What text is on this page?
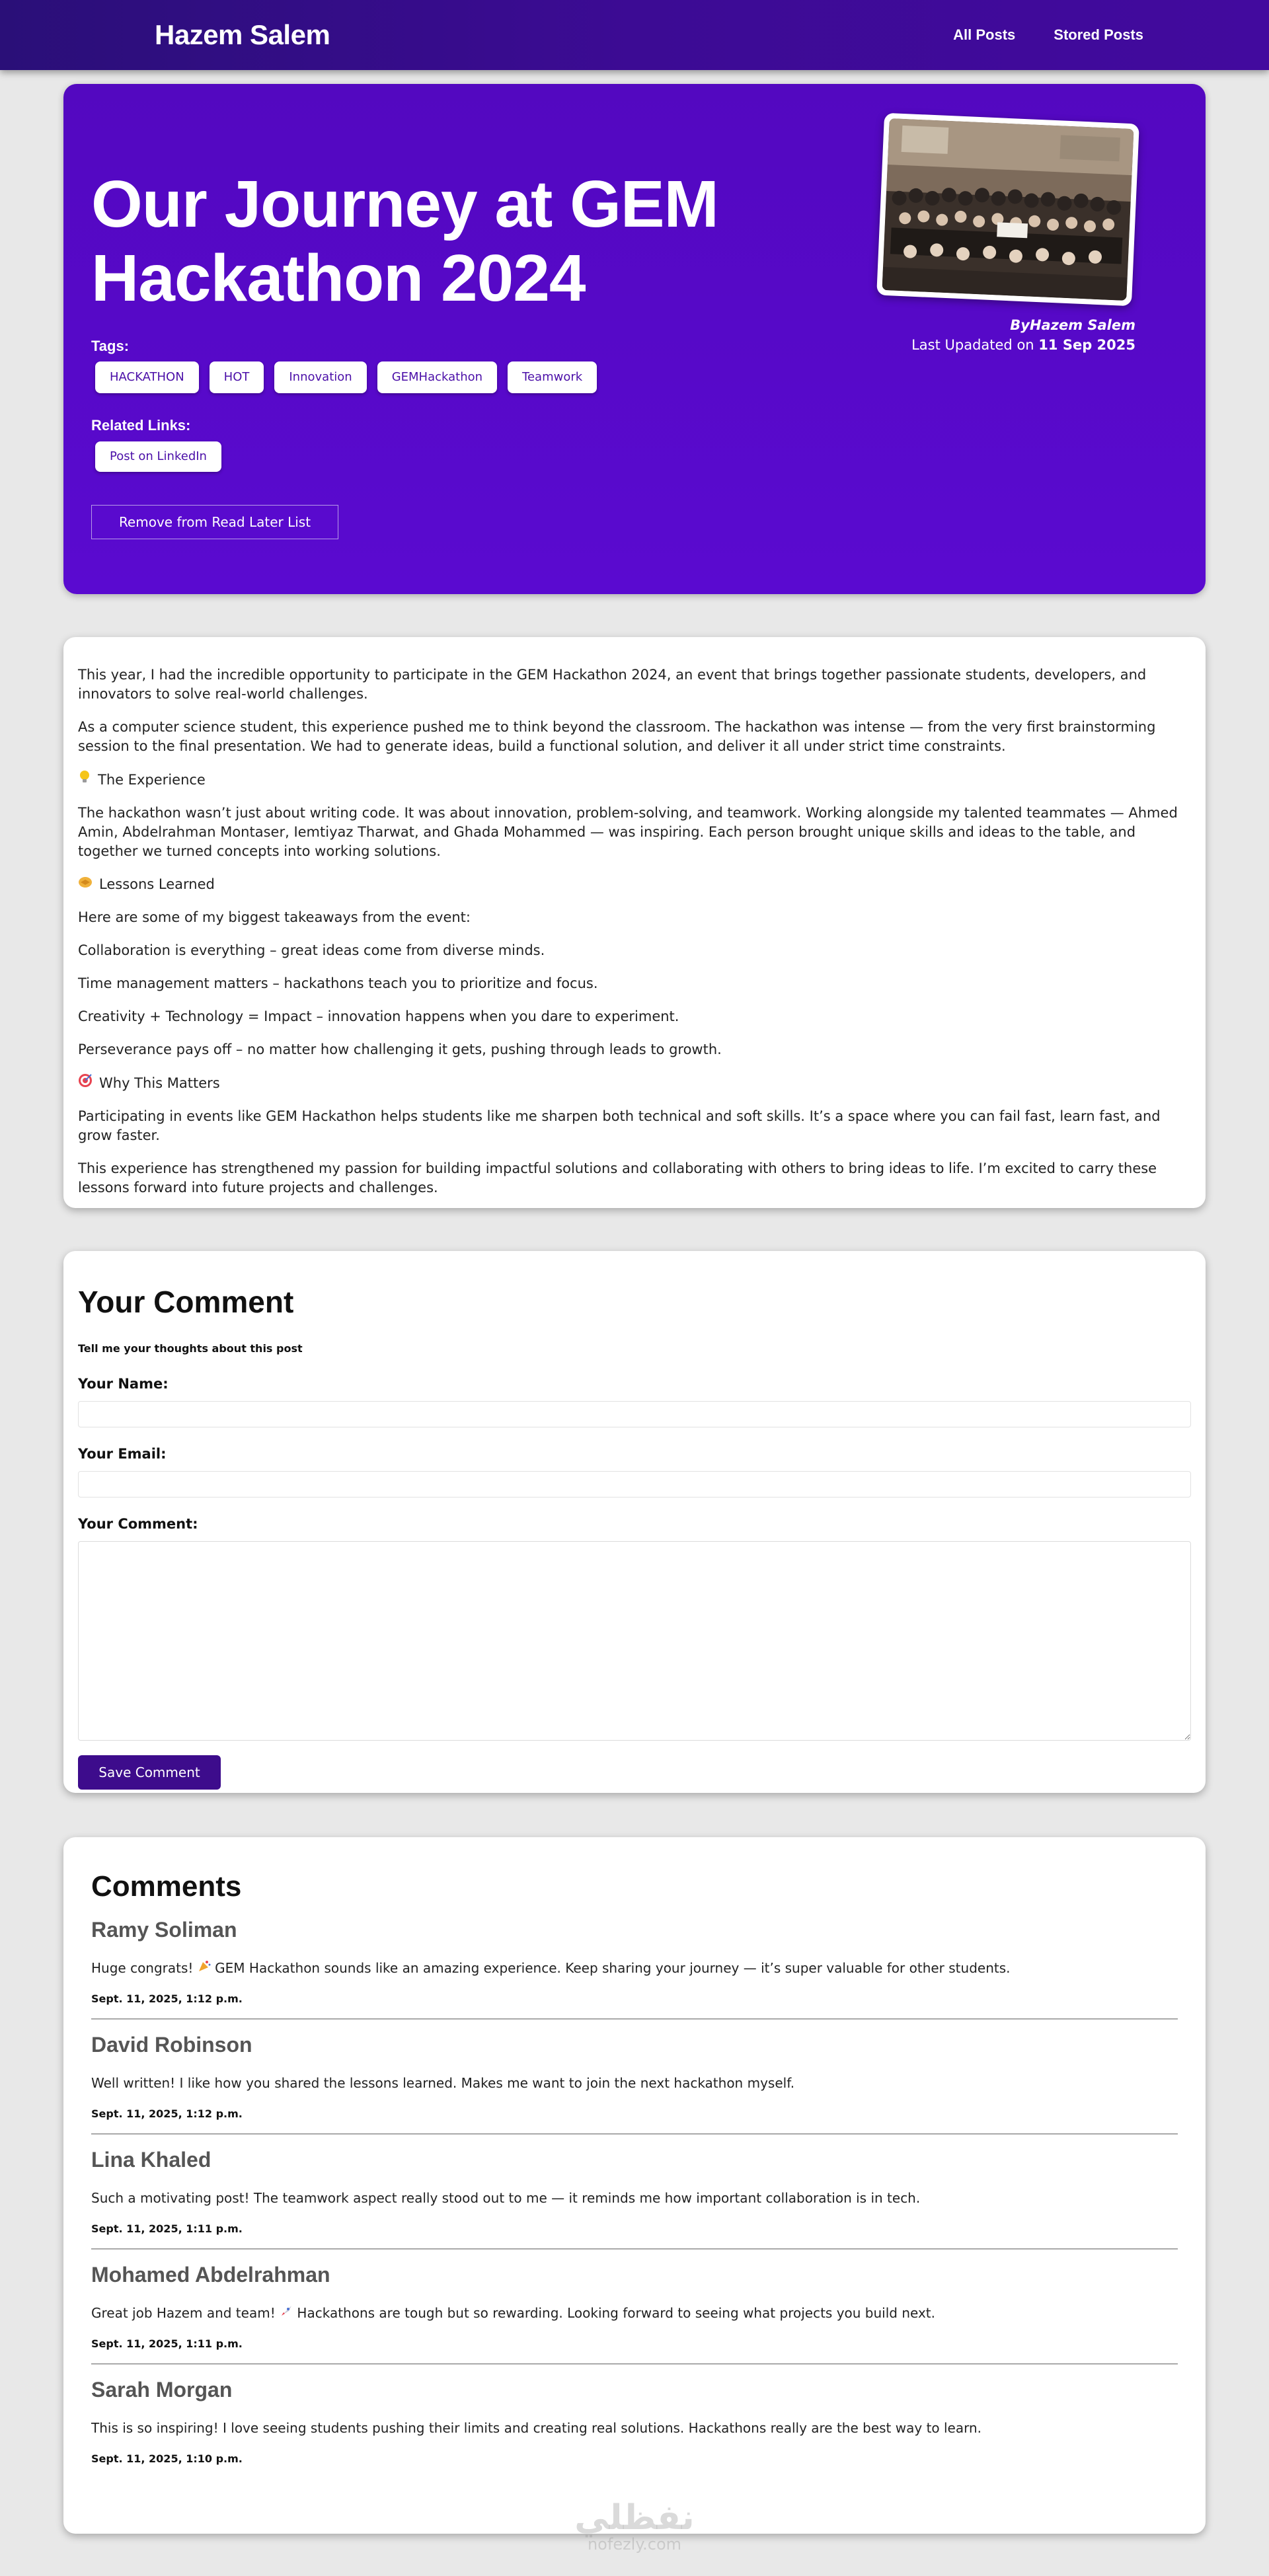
Hazem Salem	All Posts	Stored Posts
Our Journey at GEM Hackathon 2024
Tags:
HACKATHON	HOT	Innovation	GEMHackathon	Teamwork
Related Links:
Post on LinkedIn
Remove from Read Later List
ByHazem Salem
Last Upadated on 11 Sep 2025

This year, I had the incredible opportunity to participate in the GEM Hackathon 2024, an event that brings together passionate students, developers, and innovators to solve real-world challenges.

As a computer science student, this experience pushed me to think beyond the classroom. The hackathon was intense — from the very first brainstorming session to the final presentation. We had to generate ideas, build a functional solution, and deliver it all under strict time constraints.

The Experience

The hackathon wasn’t just about writing code. It was about innovation, problem-solving, and teamwork. Working alongside my talented teammates — Ahmed Amin, Abdelrahman Montaser, Iemtiyaz Tharwat, and Ghada Mohammed — was inspiring. Each person brought unique skills and ideas to the table, and together we turned concepts into working solutions.

Lessons Learned

Here are some of my biggest takeaways from the event:

Collaboration is everything – great ideas come from diverse minds.

Time management matters – hackathons teach you to prioritize and focus.

Creativity + Technology = Impact – innovation happens when you dare to experiment.

Perseverance pays off – no matter how challenging it gets, pushing through leads to growth.

Why This Matters

Participating in events like GEM Hackathon helps students like me sharpen both technical and soft skills. It’s a space where you can fail fast, learn fast, and grow faster.

This experience has strengthened my passion for building impactful solutions and collaborating with others to bring ideas to life. I’m excited to carry these lessons forward into future projects and challenges.

Your Comment
Tell me your thoughts about this post
Your Name:
Your Email:
Your Comment:
Save Comment
Comments
Ramy Soliman
Huge congrats!  GEM Hackathon sounds like an amazing experience. Keep sharing your journey — it’s super valuable for other students.
Sept. 11, 2025, 1:12 p.m.
David Robinson
Well written! I like how you shared the lessons learned. Makes me want to join the next hackathon myself.
Sept. 11, 2025, 1:12 p.m.
Lina Khaled
Such a motivating post! The teamwork aspect really stood out to me — it reminds me how important collaboration is in tech.
Sept. 11, 2025, 1:11 p.m.
Mohamed Abdelrahman
Great job Hazem and team!  Hackathons are tough but so rewarding. Looking forward to seeing what projects you build next.
Sept. 11, 2025, 1:11 p.m.
Sarah Morgan
This is so inspiring! I love seeing students pushing their limits and creating real solutions. Hackathons really are the best way to learn.
Sept. 11, 2025, 1:10 p.m.
نفظلي
nofezly.com
